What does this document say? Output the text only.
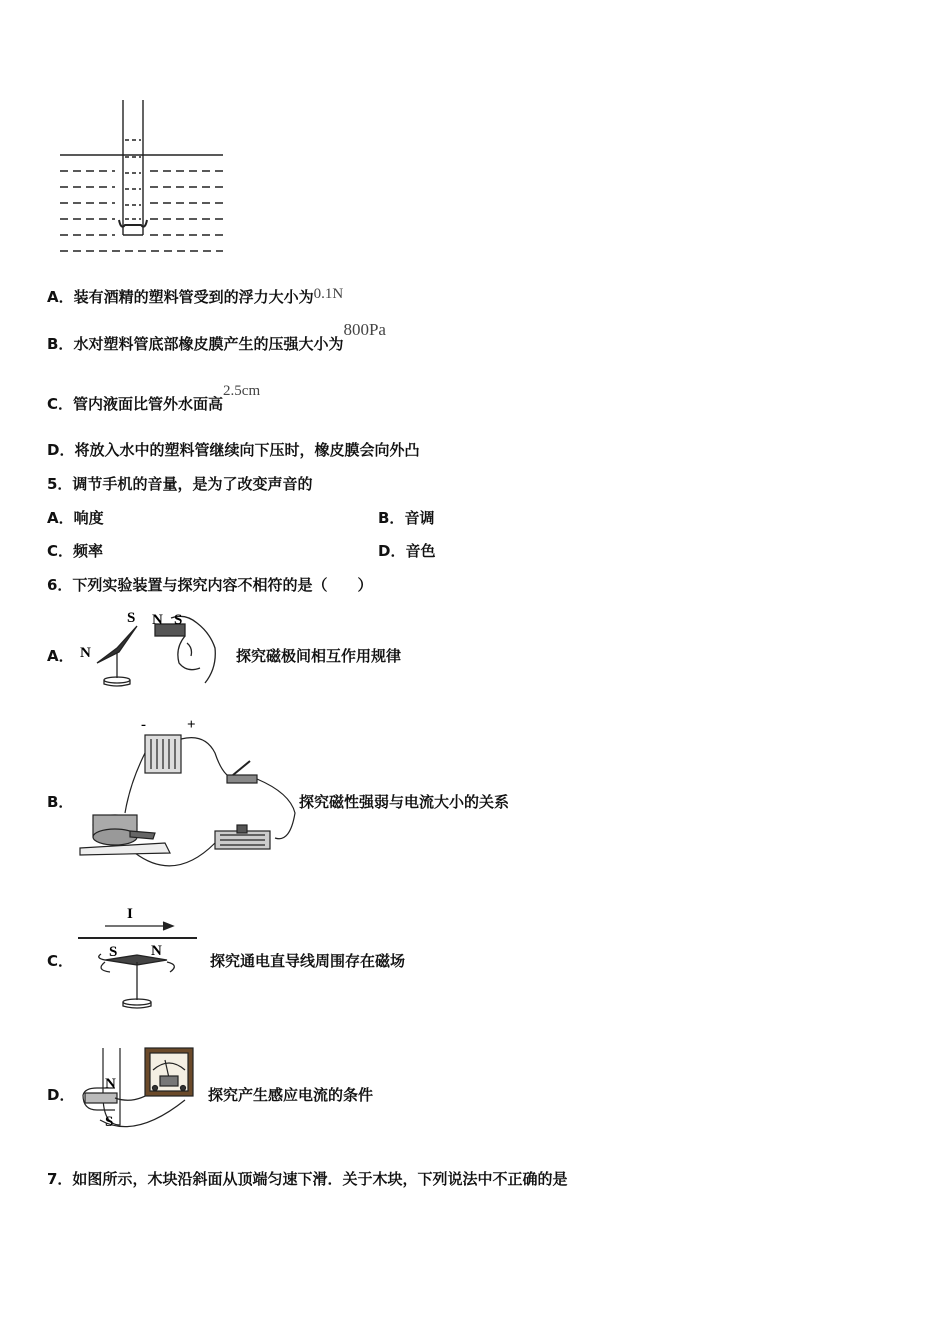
A．装有酒精的塑料管受到的浮力大小为0.1N
B．水对塑料管底部橡皮膜产生的压强大小为800Pa
C．管内液面比管外水面高2.5cm
D．将放入水中的塑料管继续向下压时，橡皮膜会向外凸
5．调节手机的音量，是为了改变声音的
A．响度	B．音调
C．频率	D．音色
6．下列实验装置与探究内容不相符的是（　　）
A． N
S N S
探究磁极间相互作用规律
B．
-	+
探究磁性强弱与电流大小的关系
C．
I
S N
探究通电直导线周围存在磁场
D．
N
S
探究产生感应电流的条件
7．如图所示，木块沿斜面从顶端匀速下滑．关于木块，下列说法中不正确的是
